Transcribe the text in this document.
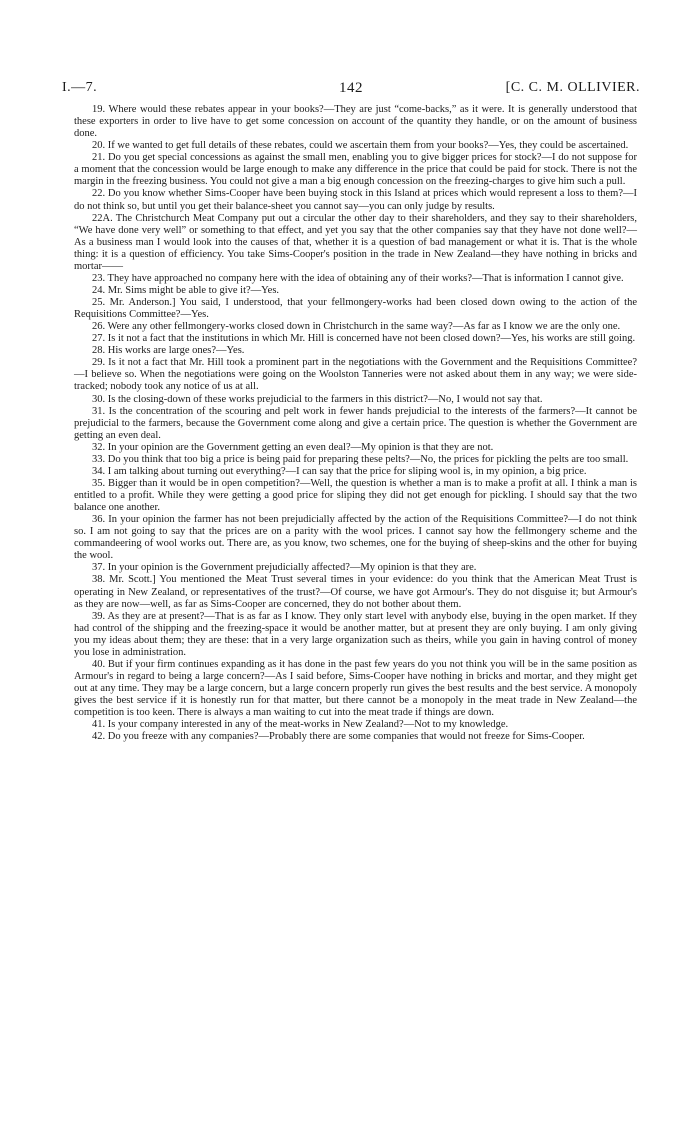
I.—7.	142	[C. C. M. OLLIVIER.

19. Where would these rebates appear in your books?—They are just “come-backs,” as it were. It is generally understood that these exporters in order to live have to get some concession on account of the quantity they handle, or on the amount of business done.

20. If we wanted to get full details of these rebates, could we ascertain them from your books?—Yes, they could be ascertained.

21. Do you get special concessions as against the small men, enabling you to give bigger prices for stock?—I do not suppose for a moment that the concession would be large enough to make any difference in the price that could be paid for stock. There is not the margin in the freezing business. You could not give a man a big enough concession on the freezing-charges to give him such a pull.

22. Do you know whether Sims-Cooper have been buying stock in this Island at prices which would represent a loss to them?—I do not think so, but until you get their balance-sheet you cannot say—you can only judge by results.

22A. The Christchurch Meat Company put out a circular the other day to their shareholders, and they say to their shareholders, “We have done very well” or something to that effect, and yet you say that the other companies say that they have not done well?—As a business man I would look into the causes of that, whether it is a question of bad management or what it is. That is the whole thing: it is a question of efficiency. You take Sims-Cooper's position in the trade in New Zealand—they have nothing in bricks and mortar——

23. They have approached no company here with the idea of obtaining any of their works?—That is information I cannot give.

24. Mr. Sims might be able to give it?—Yes.

25. Mr. Anderson.] You said, I understood, that your fellmongery-works had been closed down owing to the action of the Requisitions Committee?—Yes.

26. Were any other fellmongery-works closed down in Christchurch in the same way?—As far as I know we are the only one.

27. Is it not a fact that the institutions in which Mr. Hill is concerned have not been closed down?—Yes, his works are still going.

28. His works are large ones?—Yes.

29. Is it not a fact that Mr. Hill took a prominent part in the negotiations with the Government and the Requisitions Committee?—I believe so. When the negotiations were going on the Woolston Tanneries were not asked about them in any way; we were side-tracked; nobody took any notice of us at all.

30. Is the closing-down of these works prejudicial to the farmers in this district?—No, I would not say that.

31. Is the concentration of the scouring and pelt work in fewer hands prejudicial to the interests of the farmers?—It cannot be prejudicial to the farmers, because the Government come along and give a certain price. The question is whether the Government are getting an even deal.

32. In your opinion are the Government getting an even deal?—My opinion is that they are not.

33. Do you think that too big a price is being paid for preparing these pelts?—No, the prices for pickling the pelts are too small.

34. I am talking about turning out everything?—I can say that the price for sliping wool is, in my opinion, a big price.

35. Bigger than it would be in open competition?—Well, the question is whether a man is to make a profit at all. I think a man is entitled to a profit. While they were getting a good price for sliping they did not get enough for pickling. I should say that the two balance one another.

36. In your opinion the farmer has not been prejudicially affected by the action of the Requisitions Committee?—I do not think so. I am not going to say that the prices are on a parity with the wool prices. I cannot say how the fellmongery scheme and the commandeering of wool works out. There are, as you know, two schemes, one for the buying of sheep-skins and the other for buying the wool.

37. In your opinion is the Government prejudicially affected?—My opinion is that they are.

38. Mr. Scott.] You mentioned the Meat Trust several times in your evidence: do you think that the American Meat Trust is operating in New Zealand, or representatives of the trust?—Of course, we have got Armour's. They do not disguise it; but Armour's as they are now—well, as far as Sims-Cooper are concerned, they do not bother about them.

39. As they are at present?—That is as far as I know. They only start level with anybody else, buying in the open market. If they had control of the shipping and the freezing-space it would be another matter, but at present they are only buying. I am only giving you my ideas about them; they are these: that in a very large organization such as theirs, while you gain in having control of money you lose in administration.

40. But if your firm continues expanding as it has done in the past few years do you not think you will be in the same position as Armour's in regard to being a large concern?—As I said before, Sims-Cooper have nothing in bricks and mortar, and they might get out at any time. They may be a large concern, but a large concern properly run gives the best results and the best service. A monopoly gives the best service if it is honestly run for that matter, but there cannot be a monopoly in the meat trade in New Zealand—the competition is too keen. There is always a man waiting to cut into the meat trade if things are down.

41. Is your company interested in any of the meat-works in New Zealand?—Not to my knowledge.

42. Do you freeze with any companies?—Probably there are some companies that would not freeze for Sims-Cooper.
